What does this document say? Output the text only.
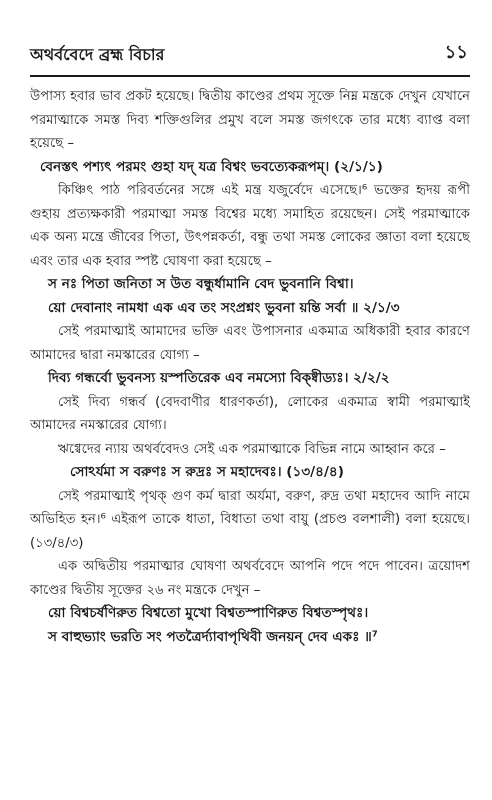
অথর্ববেদে ব্রহ্ম বিচার	১১

উপাস্য হবার ভাব প্রকট হয়েছে। দ্বিতীয় কাণ্ডের প্রথম সূক্তে নিম্ন মন্ত্রকে দেখুন যেখানে পরমাত্মাকে সমস্ত দিব্য শক্তিগুলির প্রমুখ বলে সমস্ত জগৎকে তার মধ্যে ব্যাপ্ত বলা হয়েছে –

বেনস্তৎ পশ্যৎ পরমং গুহা যদ্ যত্র বিশ্বং ভবত্যেকরূপম্। (২/১/১)

কিঞ্চিৎ পাঠ পরিবর্তনের সঙ্গে এই মন্ত্র যজুর্বেদে এসেছে।⁶ ভক্তের হৃদয় রূপী গুহায় প্রত্যক্ষকারী পরমাত্মা সমস্ত বিশ্বের মধ্যে সমাহিত রয়েছেন। সেই পরমাত্মাকে এক অন্য মন্ত্রে জীবের পিতা, উৎপন্নকর্তা, বন্ধু তথা সমস্ত লোকের জ্ঞাতা বলা হয়েছে এবং তার এক হবার স্পষ্ট ঘোষণা করা হয়েছে –

স নঃ পিতা জনিতা স উত বন্ধুর্ধামানি বেদ ভুবনানি বিশ্বা।

য়ো দেবানাং নামধা এক এব তং সংপ্রশ্নং ভুবনা য়ন্তি সর্বা ॥ ২/১/৩

সেই পরমাত্মাই আমাদের ভক্তি এবং উপাসনার একমাত্র অধিকারী হবার কারণে আমাদের দ্বারা নমস্কারের যোগ্য –

দিব্য গন্ধর্বো ভুবনস্য য়স্পতিরেক এব নমস্যো বিক্ষ্বীড্যঃ। ২/২/২

সেই দিব্য গন্ধর্ব (বেদবাণীর ধারণকর্তা), লোকের একমাত্র স্বামী পরমাত্মাই আমাদের নমস্কারের যোগ্য।

ঋগ্বেদের ন্যায় অথর্ববেদও সেই এক পরমাত্মাকে বিভিন্ন নামে আহ্বান করে –

সোঽর্যমা স বরুণঃ স রুদ্রঃ স মহাদেবঃ। (১৩/৪/৪)

সেই পরমাত্মাই পৃথক্ গুণ কর্ম দ্বারা অর্যমা, বরুণ, রুদ্র তথা মহাদেব আদি নামে অভিহিত হন।⁶ এইরূপ তাকে ধাতা, বিধাতা তথা বায়ু (প্রচণ্ড বলশালী) বলা হয়েছে। (১৩/৪/৩)

এক অদ্বিতীয় পরমাত্মার ঘোষণা অথর্ববেদে আপনি পদে পদে পাবেন। ত্রয়োদশ কাণ্ডের দ্বিতীয় সূক্তের ২৬ নং মন্ত্রকে দেখুন –

য়ো বিশ্বচর্ষণিরুত বিশ্বতো মুখো বিশ্বতস্পাণিরুত বিশ্বতস্পৃথঃ।

স বাহুভ্যাং ভরতি সং পতত্রৈর্দ্যাবাপৃথিবী জনয়ন্ দেব একঃ ॥⁷
